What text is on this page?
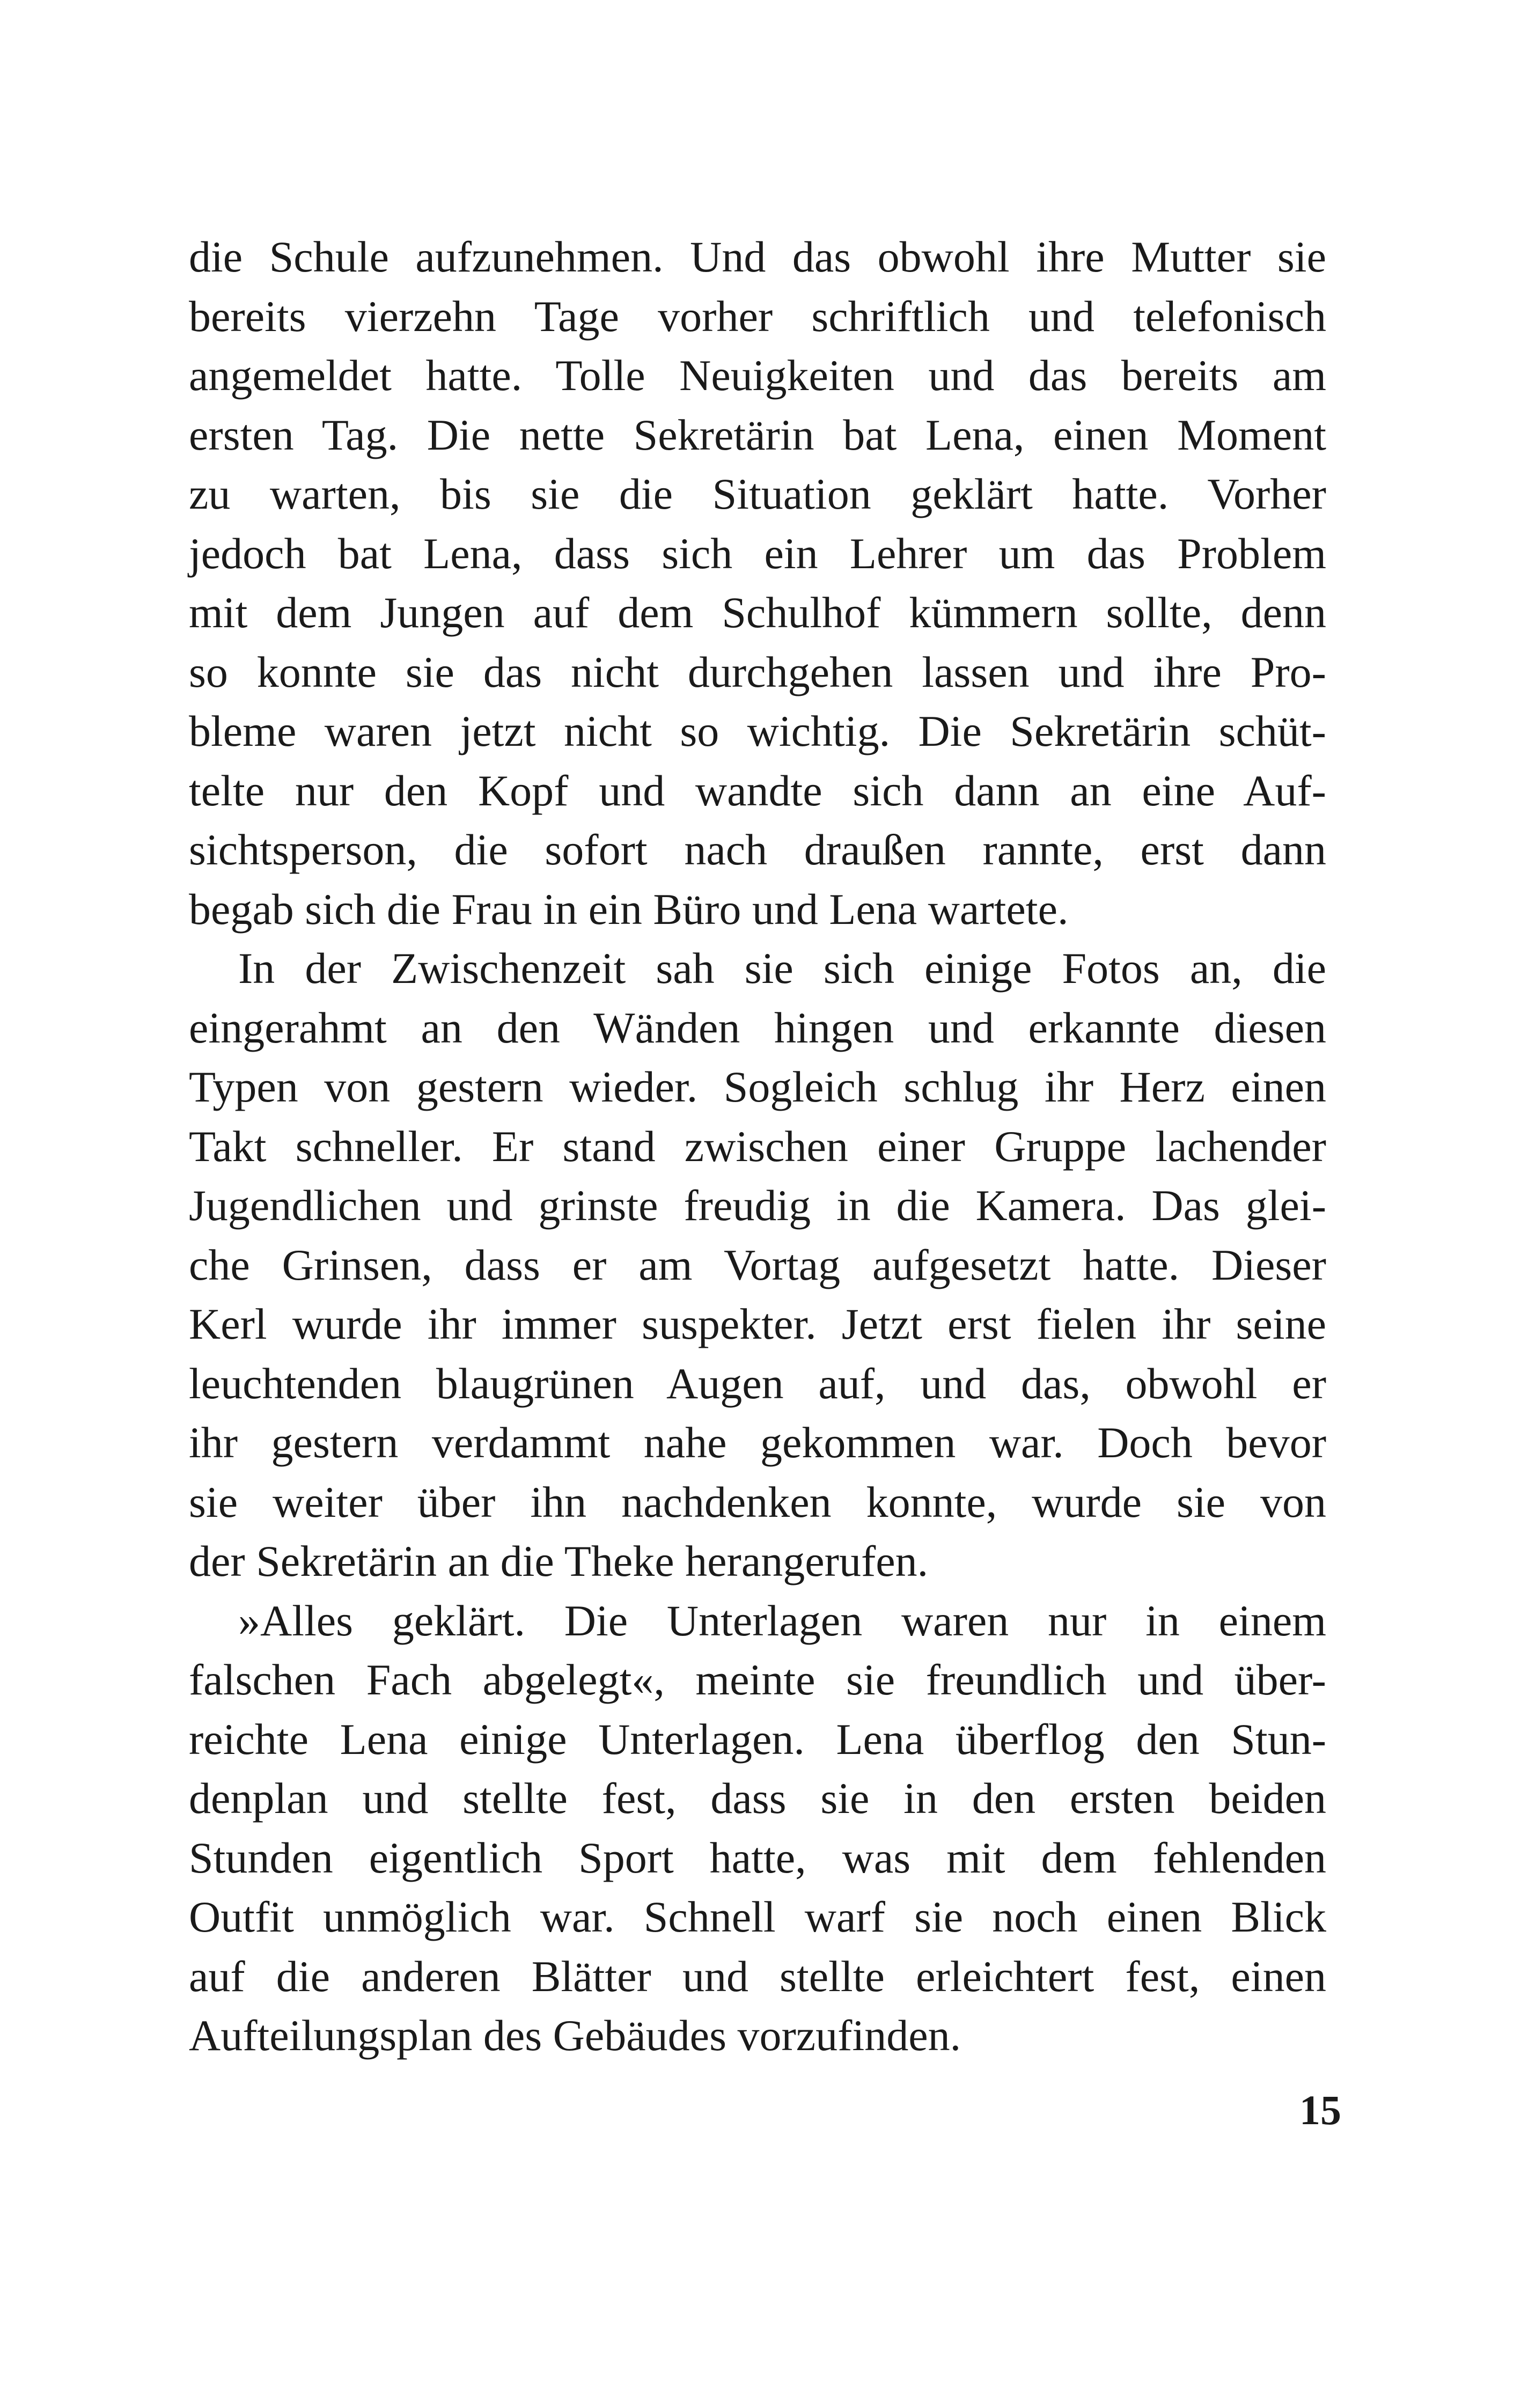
die Schule aufzunehmen. Und das obwohl ihre Mutter sie
bereits vierzehn Tage vorher schriftlich und telefonisch
angemeldet hatte. Tolle Neuigkeiten und das bereits am
ersten Tag. Die nette Sekretärin bat Lena, einen Moment
zu warten, bis sie die Situation geklärt hatte. Vorher
jedoch bat Lena, dass sich ein Lehrer um das Problem
mit dem Jungen auf dem Schulhof kümmern sollte, denn
so konnte sie das nicht durchgehen lassen und ihre Pro-
bleme waren jetzt nicht so wichtig. Die Sekretärin schüt-
telte nur den Kopf und wandte sich dann an eine Auf-
sichtsperson, die sofort nach draußen rannte, erst dann
begab sich die Frau in ein Büro und Lena wartete.
In der Zwischenzeit sah sie sich einige Fotos an, die
eingerahmt an den Wänden hingen und erkannte diesen
Typen von gestern wieder. Sogleich schlug ihr Herz einen
Takt schneller. Er stand zwischen einer Gruppe lachender
Jugendlichen und grinste freudig in die Kamera. Das glei-
che Grinsen, dass er am Vortag aufgesetzt hatte. Dieser
Kerl wurde ihr immer suspekter. Jetzt erst fielen ihr seine
leuchtenden blaugrünen Augen auf, und das, obwohl er
ihr gestern verdammt nahe gekommen war. Doch bevor
sie weiter über ihn nachdenken konnte, wurde sie von
der Sekretärin an die Theke herangerufen.
»Alles geklärt. Die Unterlagen waren nur in einem
falschen Fach abgelegt«, meinte sie freundlich und über-
reichte Lena einige Unterlagen. Lena überflog den Stun-
denplan und stellte fest, dass sie in den ersten beiden
Stunden eigentlich Sport hatte, was mit dem fehlenden
Outfit unmöglich war. Schnell warf sie noch einen Blick
auf die anderen Blätter und stellte erleichtert fest, einen
Aufteilungsplan des Gebäudes vorzufinden.
15
